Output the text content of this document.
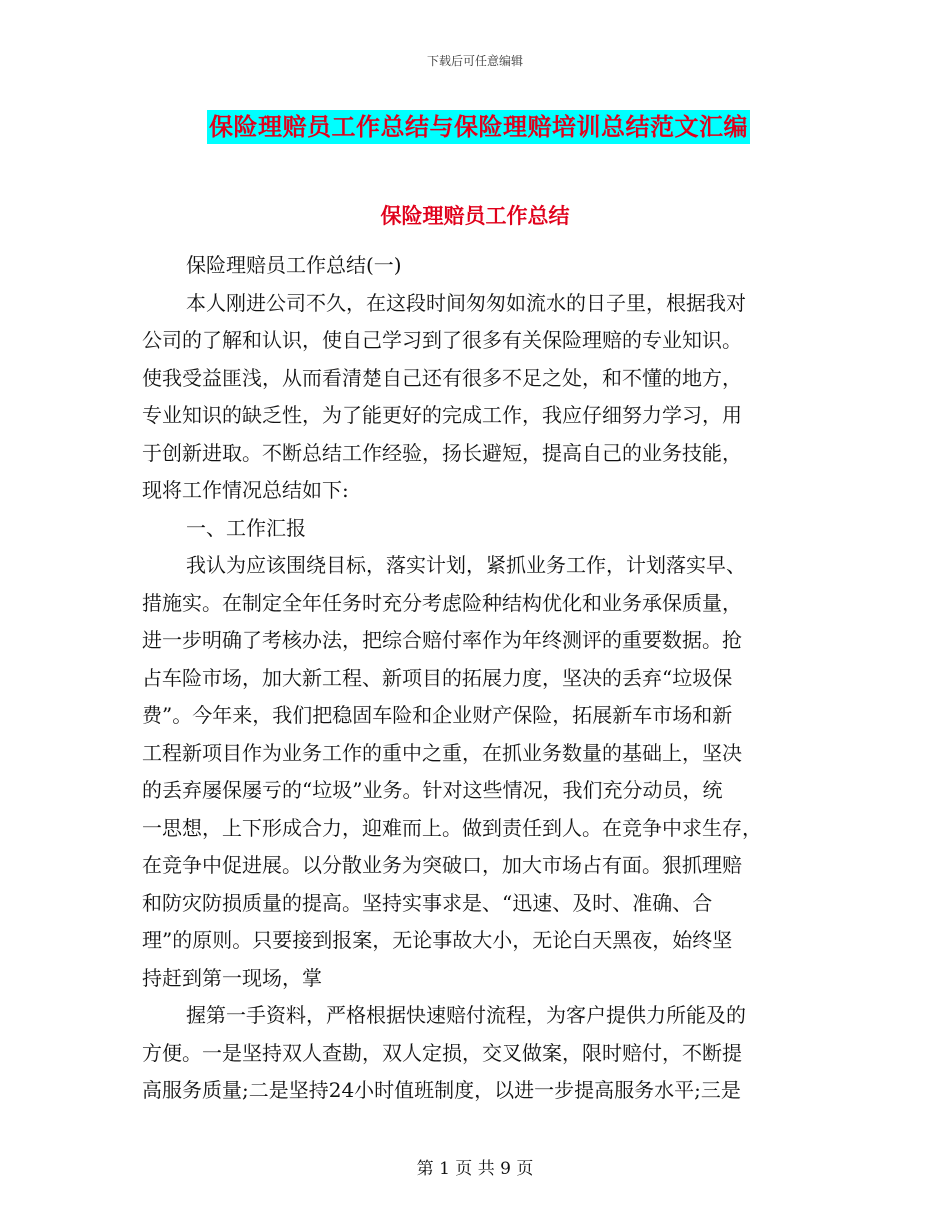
下载后可任意编辑
保险理赔员工作总结与保险理赔培训总结范文汇编
保险理赔员工作总结
保险理赔员工作总结(一)
本人刚进公司不久，在这段时间匆匆如流水的日子里，根据我对
公司的了解和认识，使自己学习到了很多有关保险理赔的专业知识。
使我受益匪浅，从而看清楚自己还有很多不足之处，和不懂的地方，
专业知识的缺乏性，为了能更好的完成工作，我应仔细努力学习，用
于创新进取。不断总结工作经验，扬长避短，提高自己的业务技能，
现将工作情况总结如下:
一、工作汇报
我认为应该围绕目标，落实计划，紧抓业务工作，计划落实早、
措施实。在制定全年任务时充分考虑险种结构优化和业务承保质量，
进一步明确了考核办法，把综合赔付率作为年终测评的重要数据。抢
占车险市场，加大新工程、新项目的拓展力度，坚决的丢弃“垃圾保
费”。今年来，我们把稳固车险和企业财产保险，拓展新车市场和新
工程新项目作为业务工作的重中之重，在抓业务数量的基础上，坚决
的丢弃屡保屡亏的“垃圾”业务。针对这些情况，我们充分动员，统
一思想，上下形成合力，迎难而上。做到责任到人。在竞争中求生存，
在竞争中促进展。以分散业务为突破口，加大市场占有面。狠抓理赔
和防灾防损质量的提高。坚持实事求是、“迅速、及时、准确、合
理”的原则。只要接到报案，无论事故大小，无论白天黑夜，始终坚
持赶到第一现场，掌
握第一手资料，严格根据快速赔付流程，为客户提供力所能及的
方便。一是坚持双人查勘，双人定损，交叉做案，限时赔付，不断提
高服务质量;二是坚持24小时值班制度，以进一步提高服务水平;三是
第 1 页 共 9 页
